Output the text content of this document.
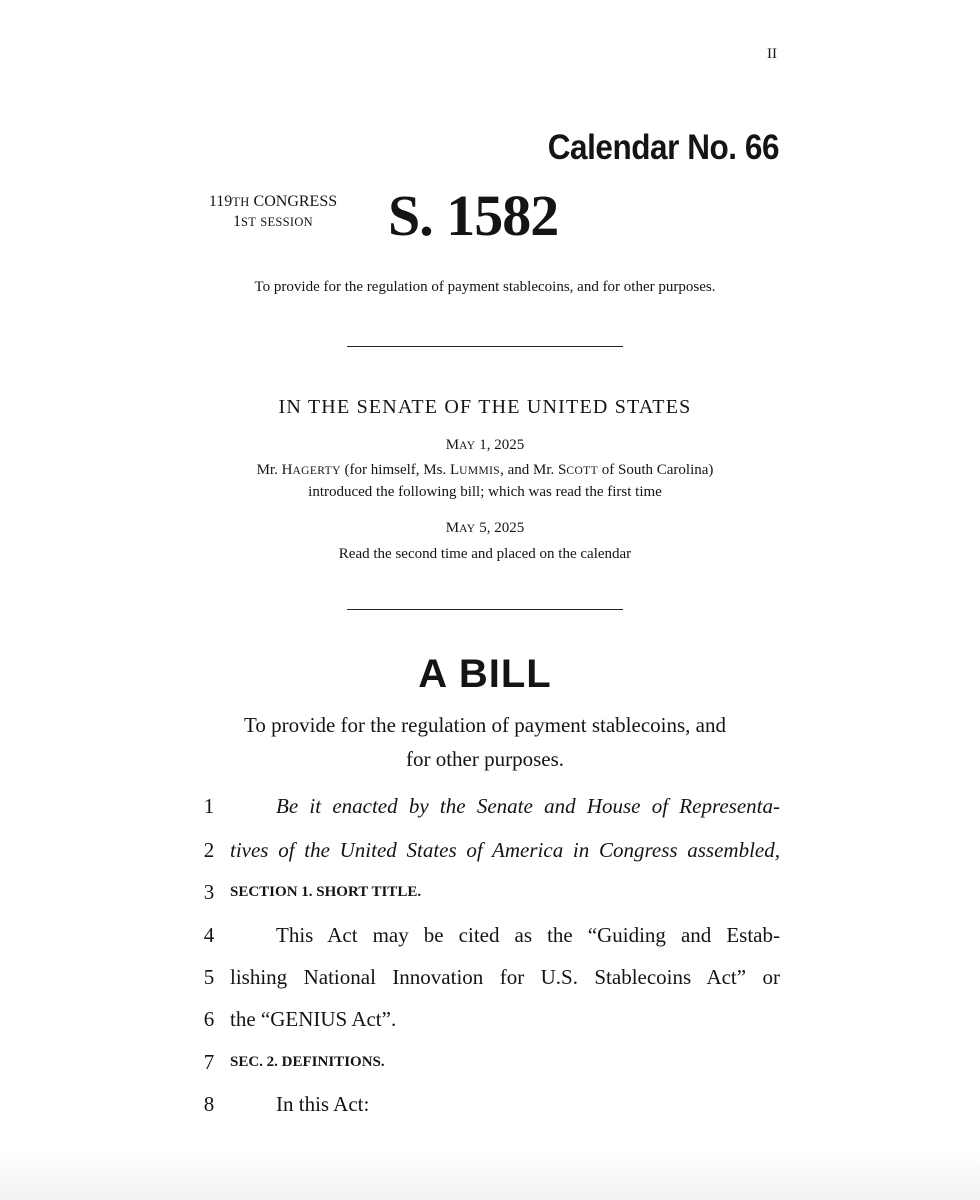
II
Calendar No. 66
119TH CONGRESS
1ST SESSION	S. 1582
To provide for the regulation of payment stablecoins, and for other purposes.
IN THE SENATE OF THE UNITED STATES
MAY 1, 2025
Mr. HAGERTY (for himself, Ms. LUMMIS, and Mr. SCOTT of South Carolina)
introduced the following bill; which was read the first time
MAY 5, 2025
Read the second time and placed on the calendar
A BILL
To provide for the regulation of payment stablecoins, and
for other purposes.
1	Be it enacted by the Senate and House of Representa-
2 tives of the United States of America in Congress assembled,
3	SECTION 1. SHORT TITLE.
4	This Act may be cited as the “Guiding and Estab-
5 lishing National Innovation for U.S. Stablecoins Act” or
6 the “GENIUS Act”.
7	SEC. 2. DEFINITIONS.
8	In this Act:
